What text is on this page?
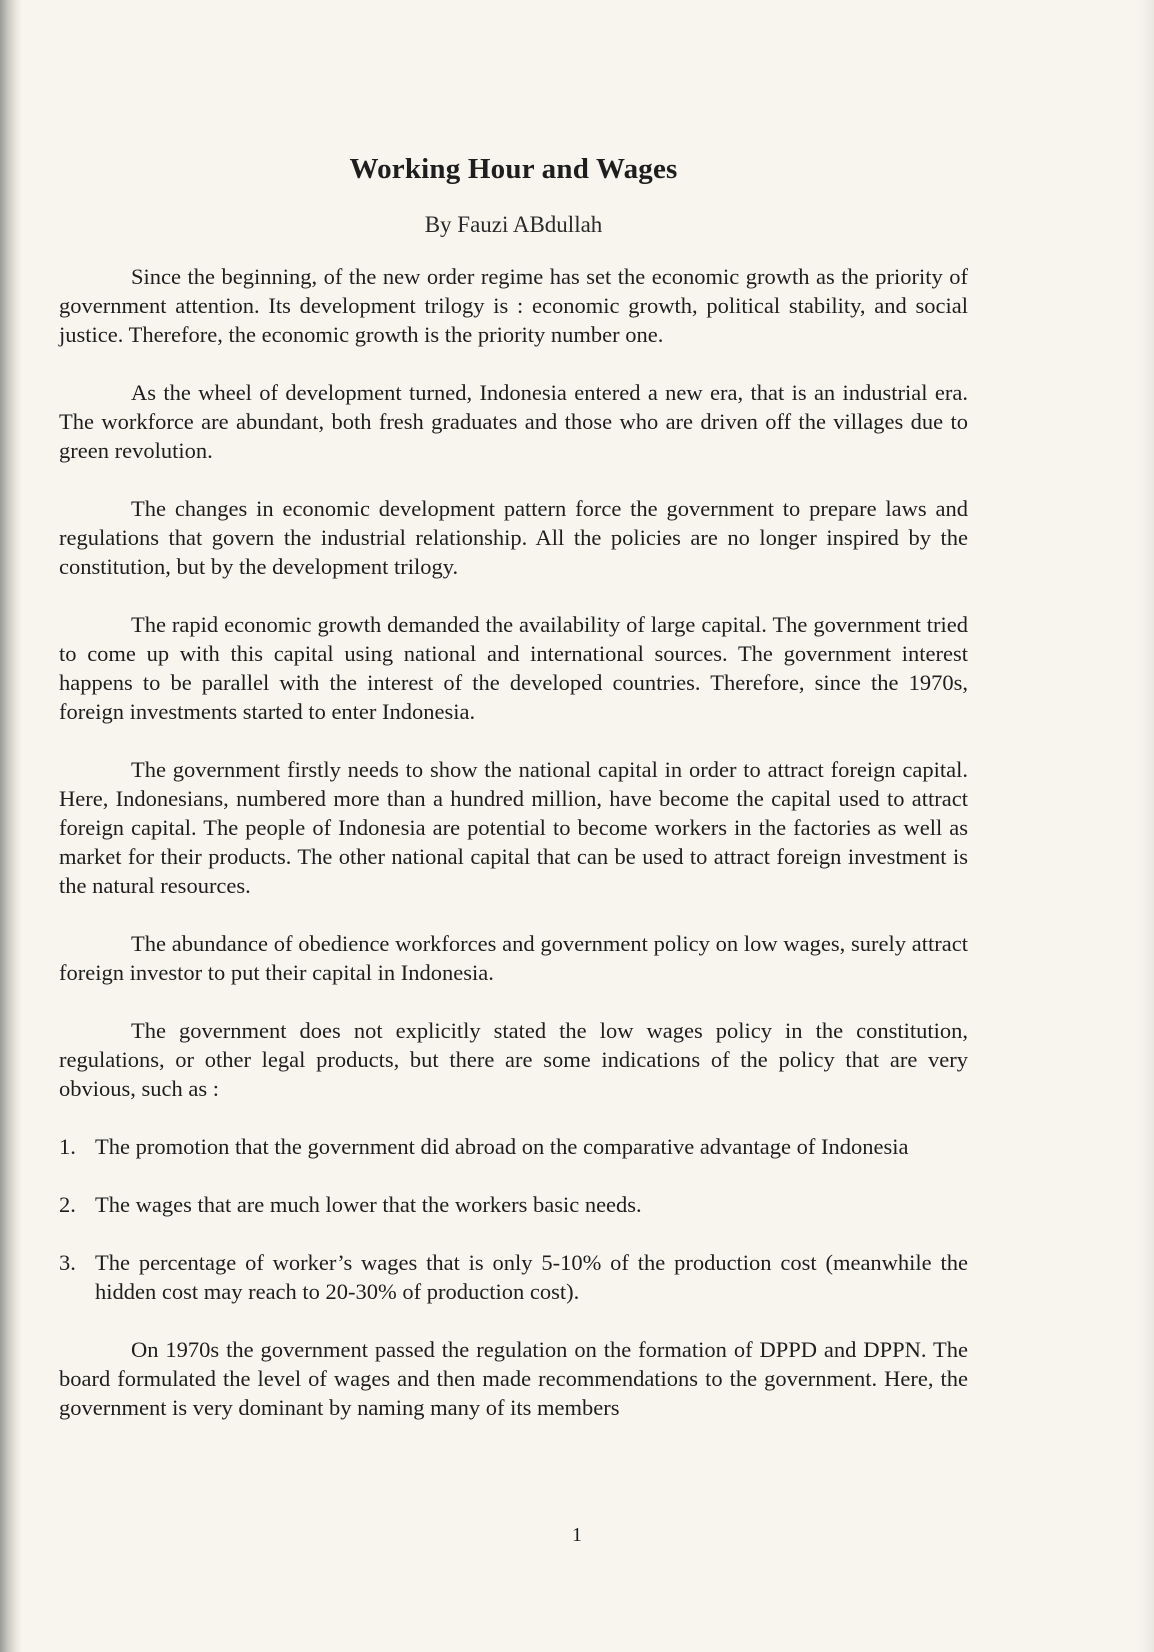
Working Hour and Wages
By Fauzi ABdullah

Since the beginning, of the new order regime has set the economic growth as the priority of government attention. Its development trilogy is : economic growth, political stability, and social justice. Therefore, the economic growth is the priority number one.

As the wheel of development turned, Indonesia entered a new era, that is an industrial era. The workforce are abundant, both fresh graduates and those who are driven off the villages due to green revolution.

The changes in economic development pattern force the government to prepare laws and regulations that govern the industrial relationship. All the policies are no longer inspired by the constitution, but by the development trilogy.

The rapid economic growth demanded the availability of large capital. The government tried to come up with this capital using national and international sources. The government interest happens to be parallel with the interest of the developed countries. Therefore, since the 1970s, foreign investments started to enter Indonesia.

The government firstly needs to show the national capital in order to attract foreign capital. Here, Indonesians, numbered more than a hundred million, have become the capital used to attract foreign capital. The people of Indonesia are potential to become workers in the factories as well as market for their products. The other national capital that can be used to attract foreign investment is the natural resources.

The abundance of obedience workforces and government policy on low wages, surely attract foreign investor to put their capital in Indonesia.

The government does not explicitly stated the low wages policy in the constitution, regulations, or other legal products, but there are some indications of the policy that are very obvious, such as :

1. The promotion that the government did abroad on the comparative advantage of Indonesia
2. The wages that are much lower that the workers basic needs.
3. The percentage of worker’s wages that is only 5-10% of the production cost (meanwhile the hidden cost may reach to 20-30% of production cost).

On 1970s the government passed the regulation on the formation of DPPD and DPPN. The board formulated the level of wages and then made recommendations to the government. Here, the government is very dominant by naming many of its members

1
